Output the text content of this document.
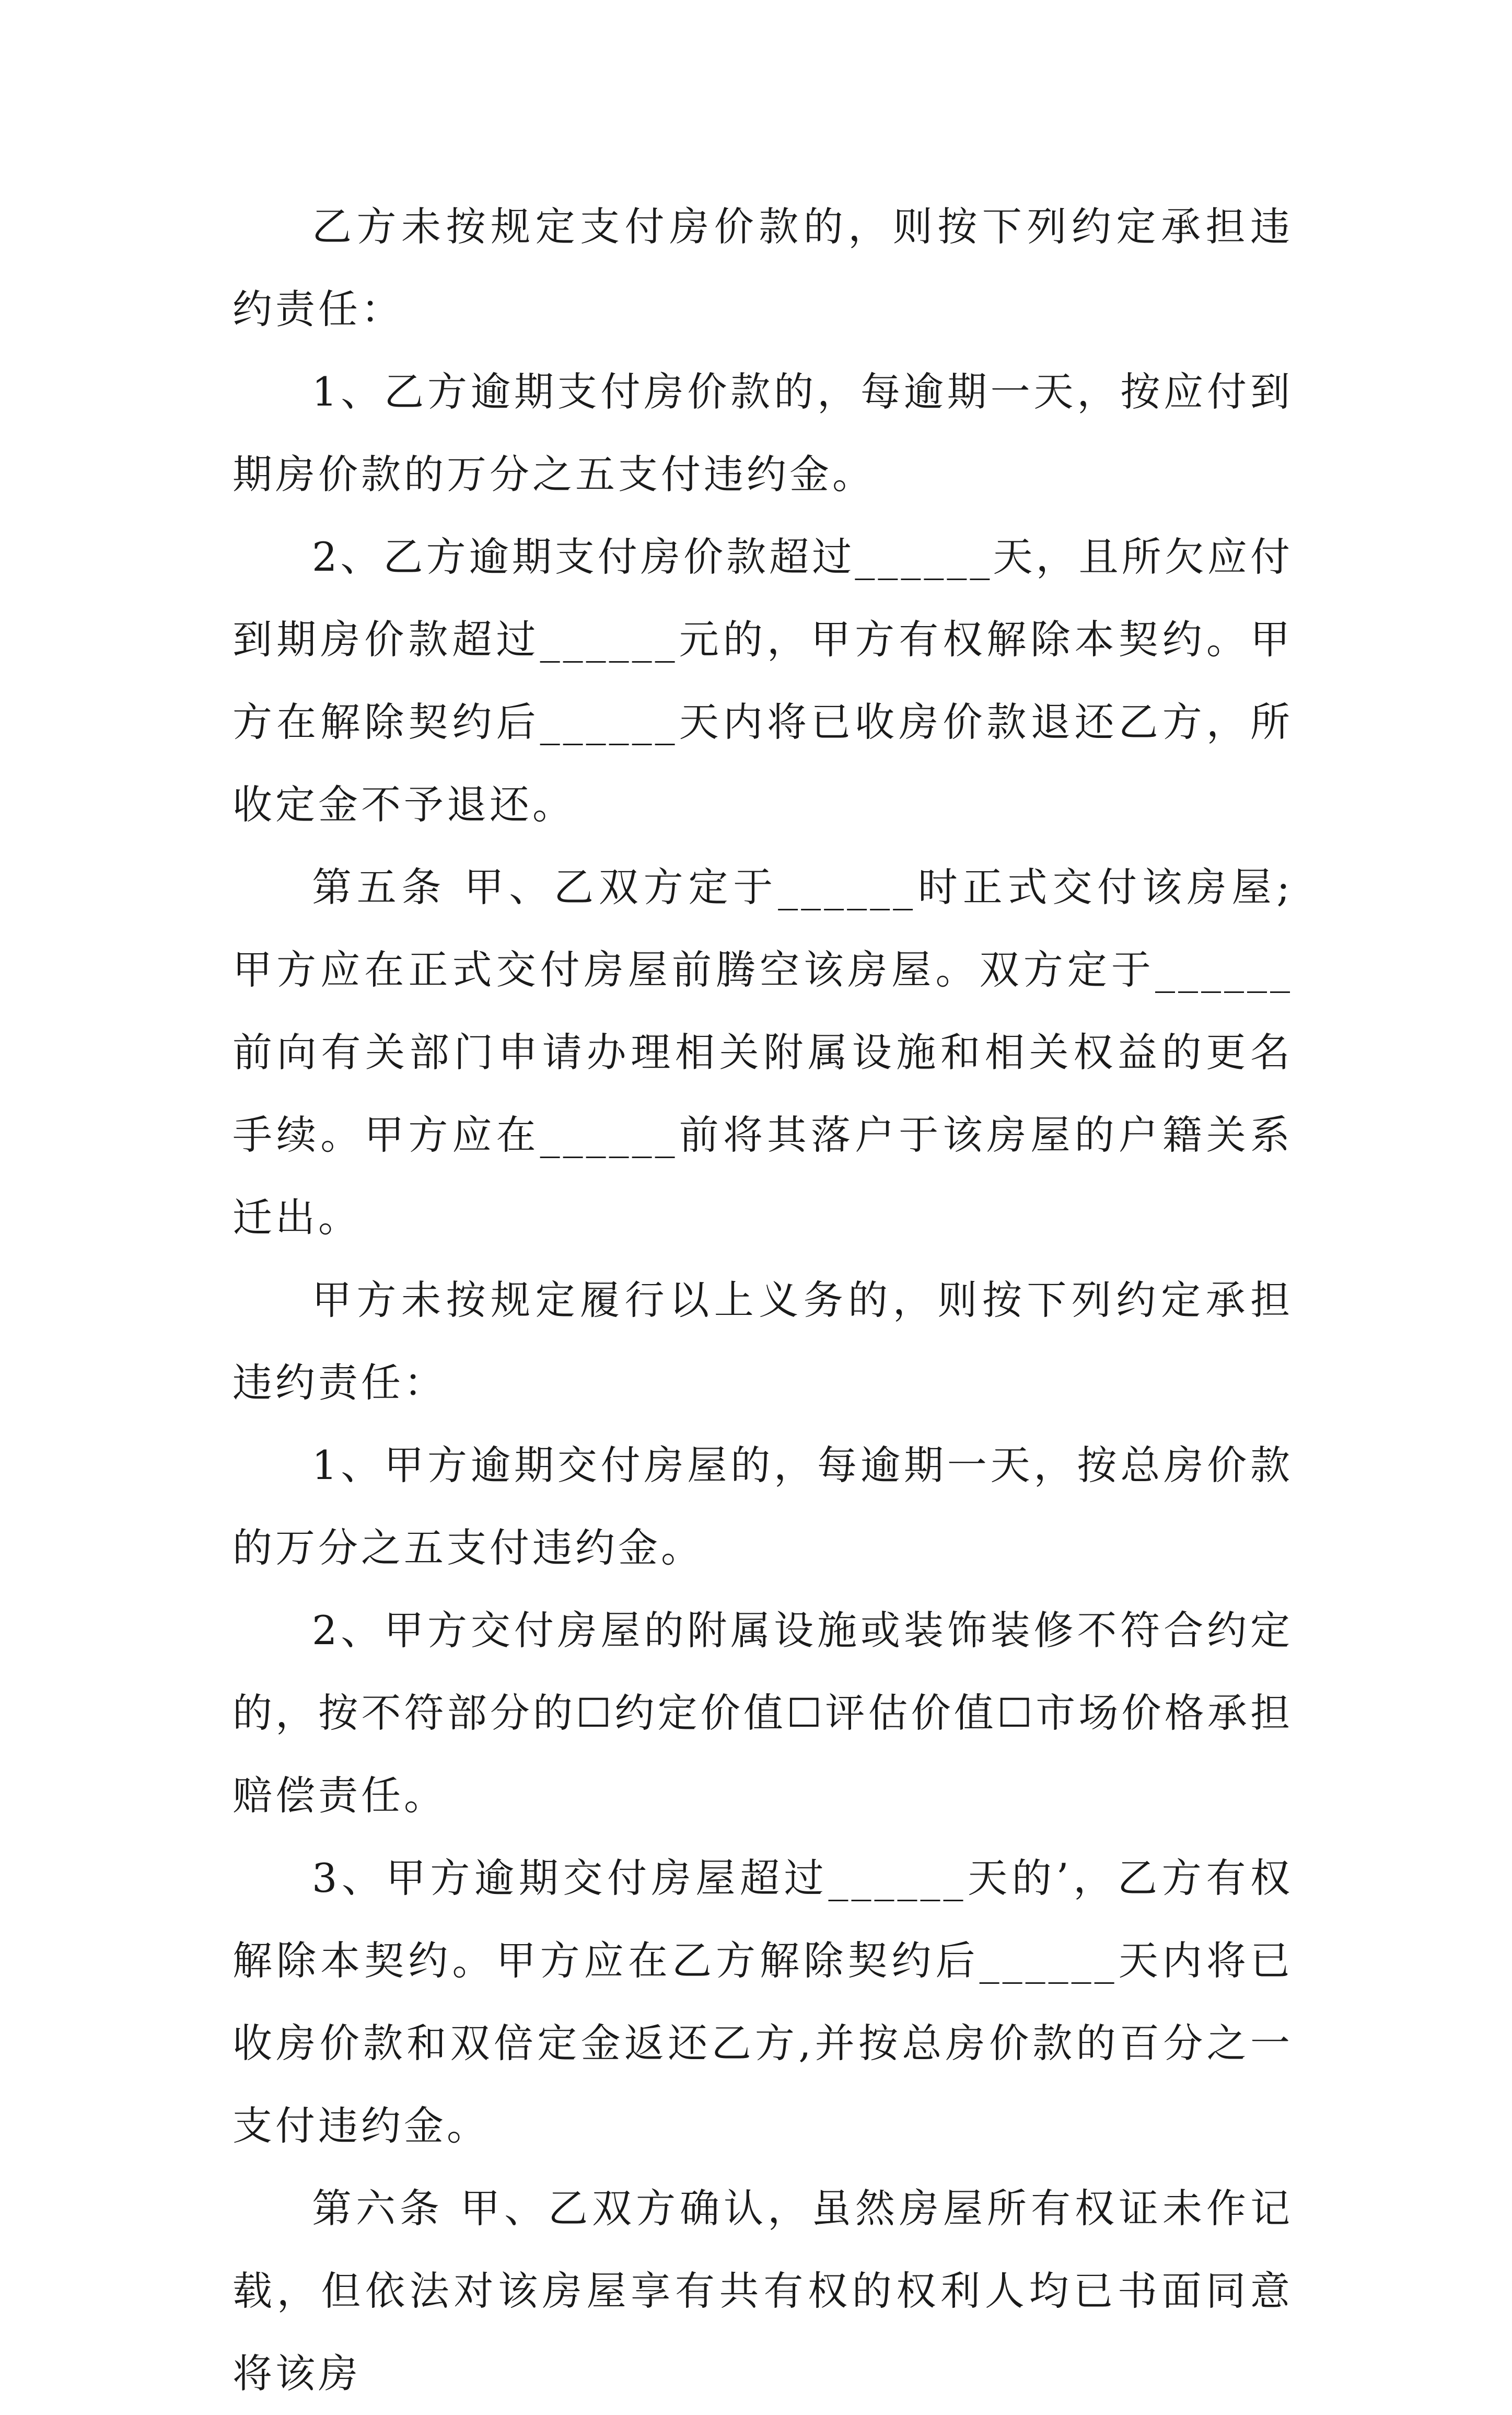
乙方未按规定支付房价款的，则按下列约定承担违约责任：

1、乙方逾期支付房价款的，每逾期一天，按应付到期房价款的万分之五支付违约金。

2、乙方逾期支付房价款超过______天，且所欠应付到期房价款超过______元的，甲方有权解除本契约。甲方在解除契约后______天内将已收房价款退还乙方，所收定金不予退还。

第五条 甲、乙双方定于______时正式交付该房屋;甲方应在正式交付房屋前腾空该房屋。双方定于______前向有关部门申请办理相关附属设施和相关权益的更名手续。甲方应在______前将其落户于该房屋的户籍关系迁出。

甲方未按规定履行以上义务的，则按下列约定承担违约责任：

1、甲方逾期交付房屋的，每逾期一天，按总房价款的万分之五支付违约金。

2、甲方交付房屋的附属设施或装饰装修不符合约定的，按不符部分的☐约定价值☐评估价值☐市场价格承担赔偿责任。

3、甲方逾期交付房屋超过______天的’，乙方有权解除本契约。甲方应在乙方解除契约后______天内将已收房价款和双倍定金返还乙方,并按总房价款的百分之一支付违约金。

第六条 甲、乙双方确认，虽然房屋所有权证未作记载，但依法对该房屋享有共有权的权利人均已书面同意将该房
